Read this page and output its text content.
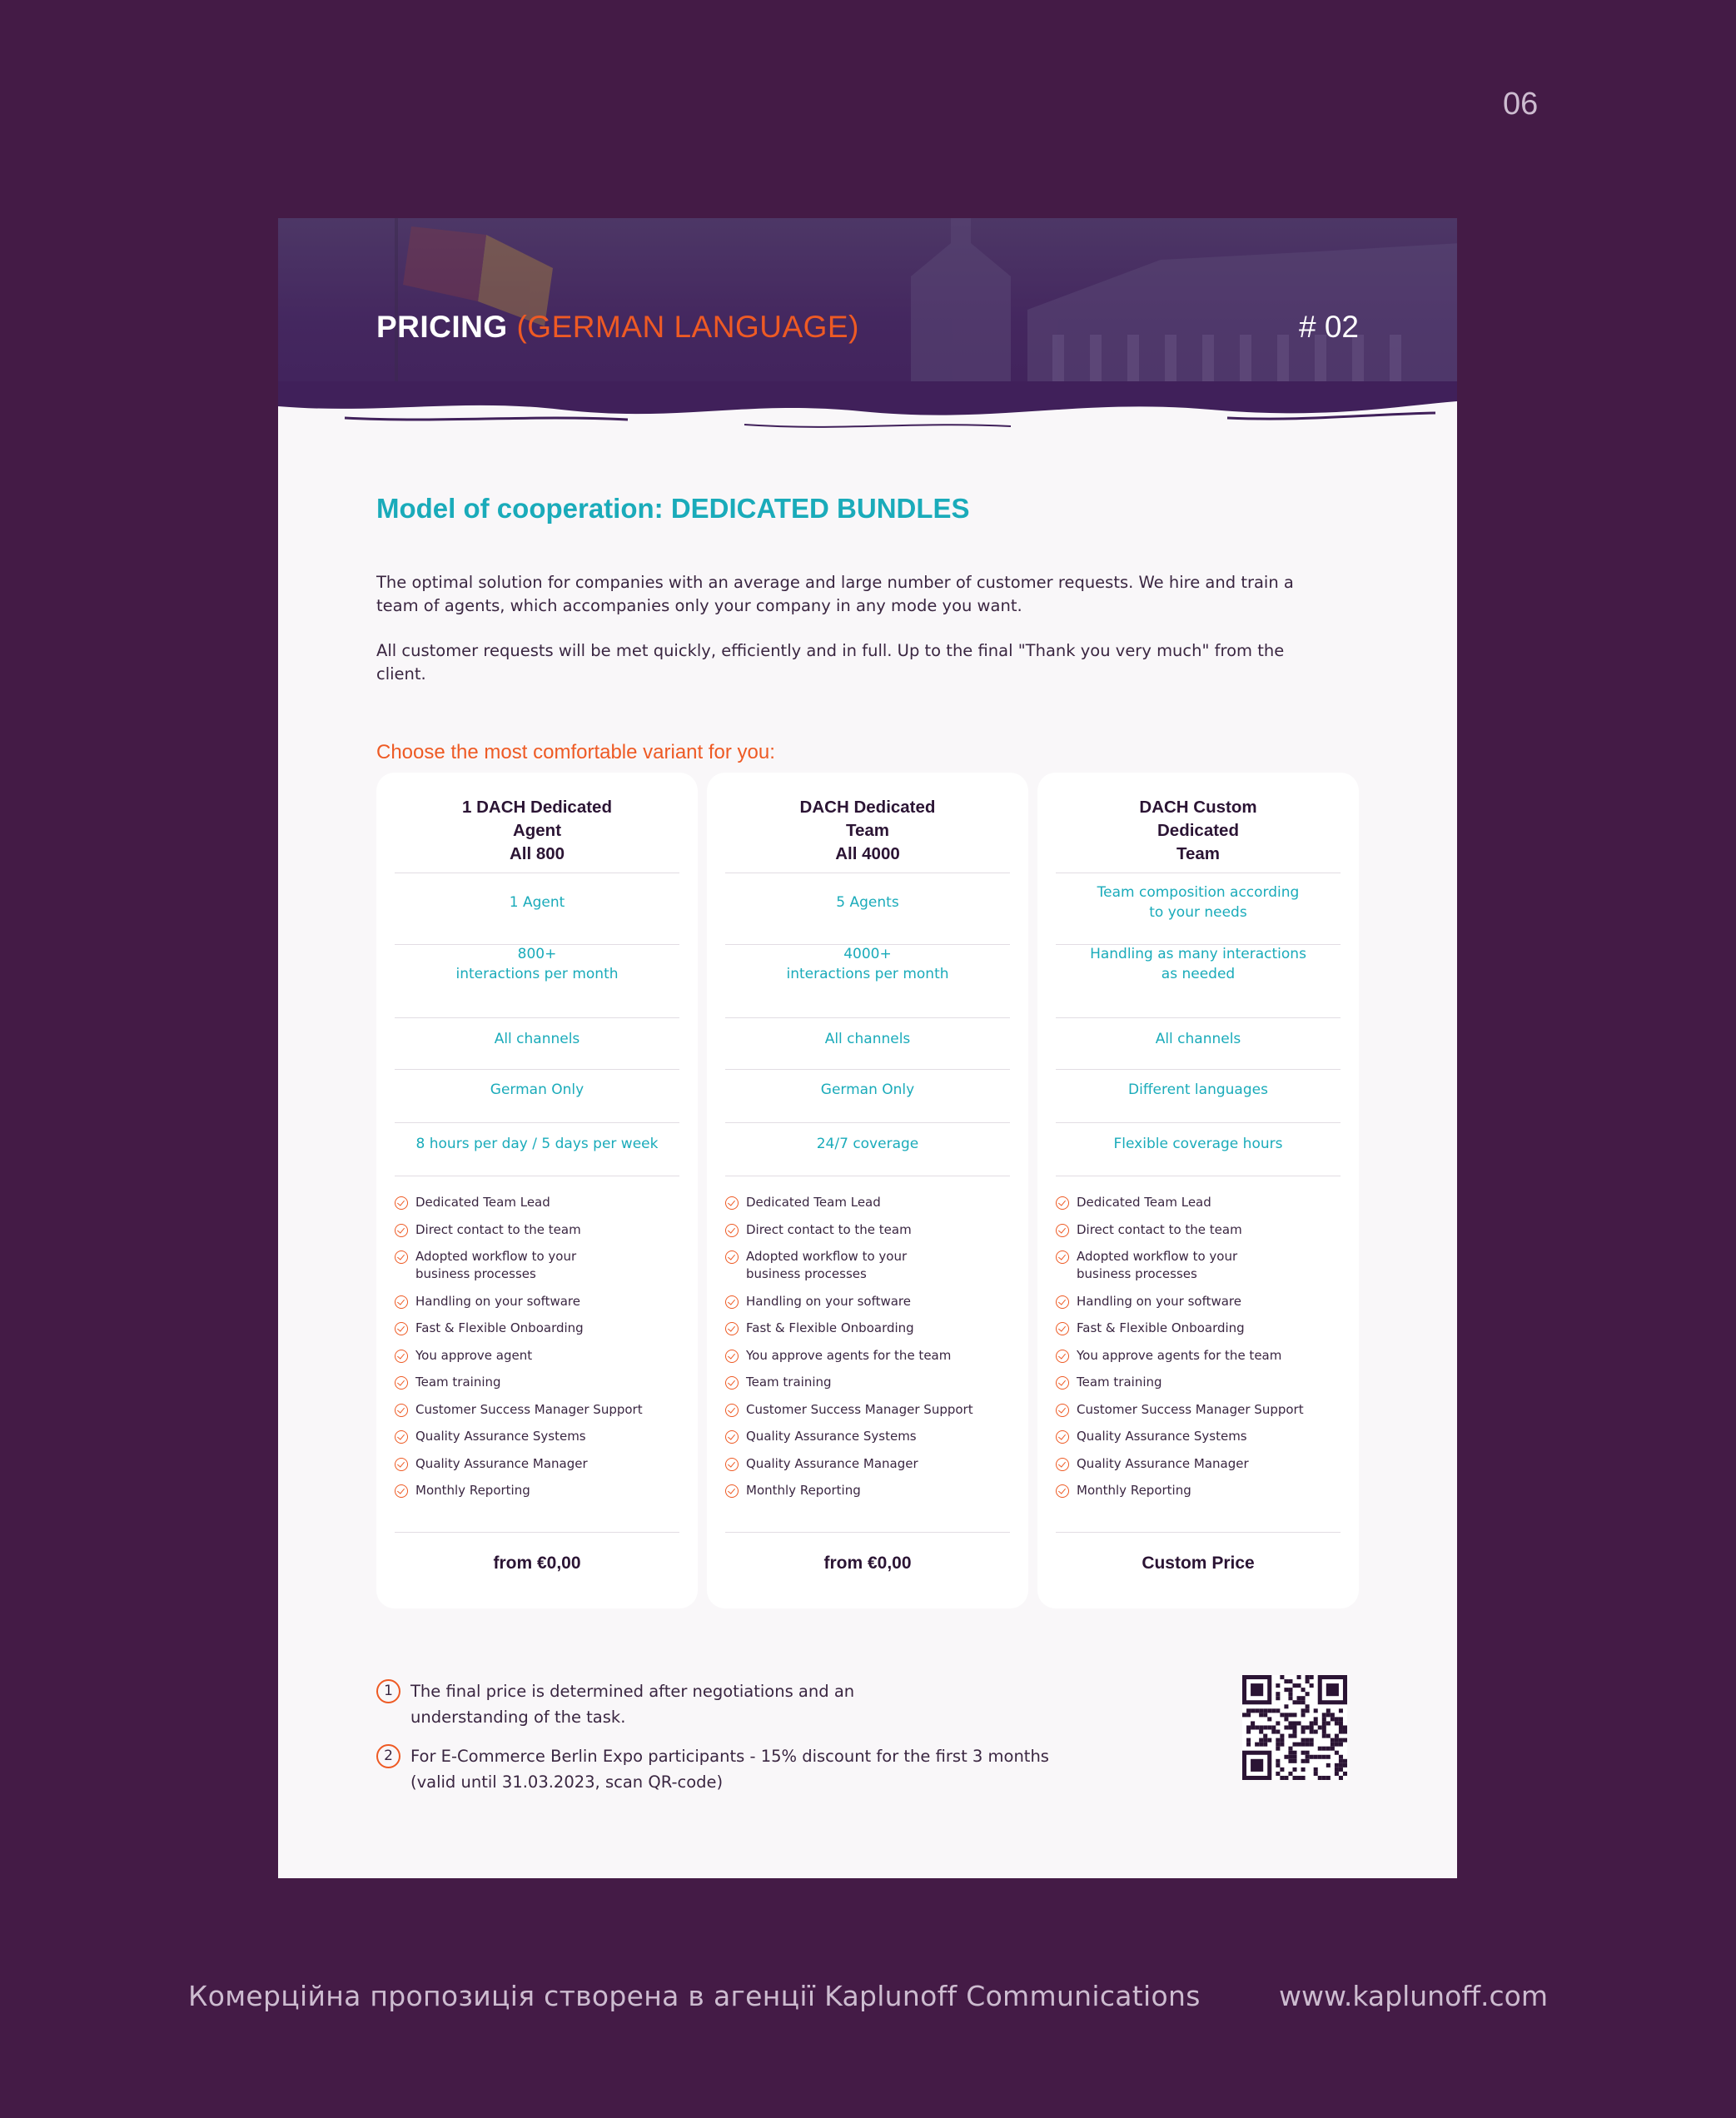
06
PRICING (GERMAN LANGUAGE)	# 02
Model of cooperation: DEDICATED BUNDLES

The optimal solution for companies with an average and large number of customer requests. We hire and train a team of agents, which accompanies only your company in any mode you want.

All customer requests will be met quickly, efficiently and in full. Up to the final "Thank you very much" from the client.

Choose the most comfortable variant for you:
1 DACH Dedicated
Agent
All 800
1 Agent
800+
interactions per month
All channels
German Only
8 hours per day / 5 days per week
Dedicated Team Lead
Direct contact to the team
Adopted workflow to your business processes
Handling on your software
Fast & Flexible Onboarding
You approve agent
Team training
Customer Success Manager Support
Quality Assurance Systems
Quality Assurance Manager
Monthly Reporting
from €0,00
DACH Dedicated
Team
All 4000
5 Agents
4000+
interactions per month
All channels
German Only
24/7 coverage
Dedicated Team Lead
Direct contact to the team
Adopted workflow to your business processes
Handling on your software
Fast & Flexible Onboarding
You approve agents for the team
Team training
Customer Success Manager Support
Quality Assurance Systems
Quality Assurance Manager
Monthly Reporting
from €0,00
DACH Custom
Dedicated
Team
Team composition according
to your needs
Handling as many interactions
as needed
All channels
Different languages
Flexible coverage hours
Dedicated Team Lead
Direct contact to the team
Adopted workflow to your business processes
Handling on your software
Fast & Flexible Onboarding
You approve agents for the team
Team training
Customer Success Manager Support
Quality Assurance Systems
Quality Assurance Manager
Monthly Reporting
Custom Price
1	The final price is determined after negotiations and an
understanding of the task.
2	For E-Commerce Berlin Expo participants - 15% discount for the first 3 months
(valid until 31.03.2023, scan QR-code)
Комерційна пропозиція створена в агенції Kaplunoff Communications	www.kaplunoff.com
